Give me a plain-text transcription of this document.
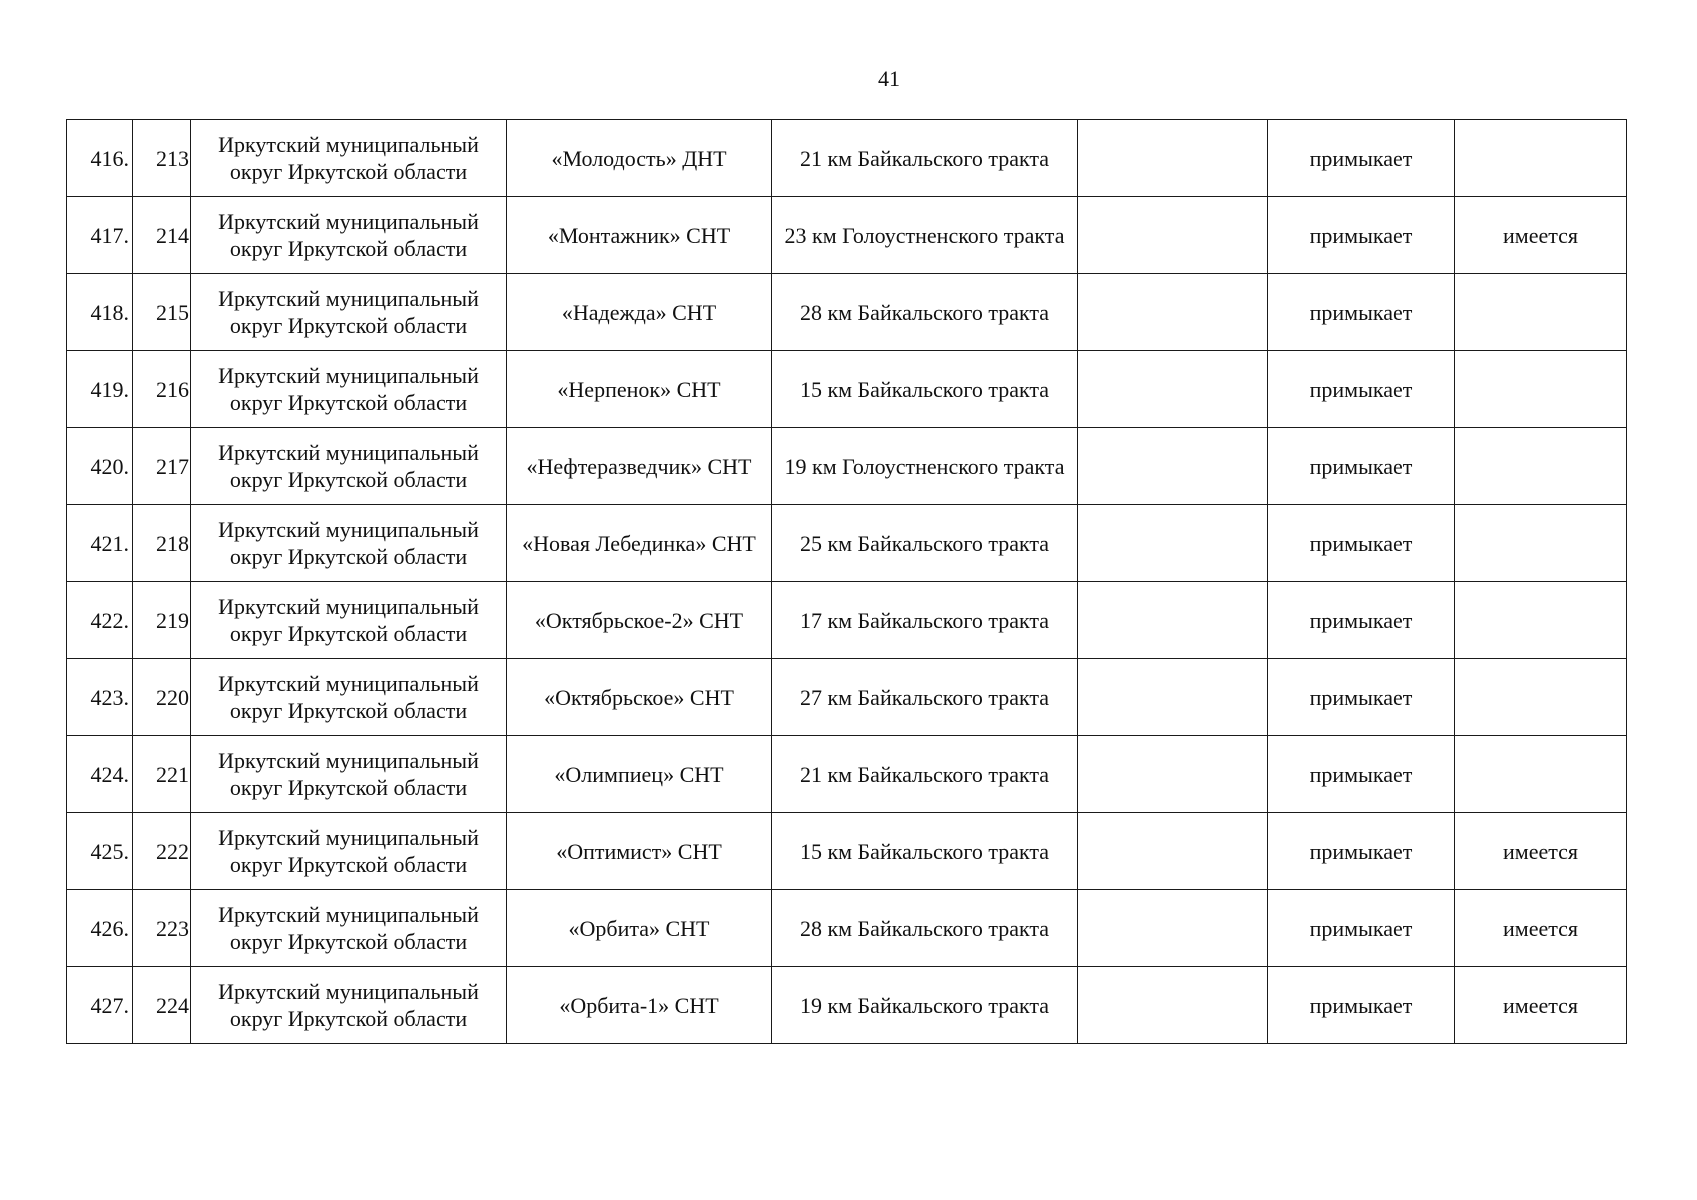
41
416.	213	Иркутский муниципальный округ Иркутской области	«Молодость» ДНТ	21 км Байкальского тракта		примыкает	
417.	214	Иркутский муниципальный округ Иркутской области	«Монтажник» СНТ	23 км Голоустненского тракта		примыкает	имеется
418.	215	Иркутский муниципальный округ Иркутской области	«Надежда» СНТ	28 км Байкальского тракта		примыкает	
419.	216	Иркутский муниципальный округ Иркутской области	«Нерпенок» СНТ	15 км Байкальского тракта		примыкает	
420.	217	Иркутский муниципальный округ Иркутской области	«Нефтеразведчик» СНТ	19 км Голоустненского тракта		примыкает	
421.	218	Иркутский муниципальный округ Иркутской области	«Новая Лебединка» СНТ	25 км Байкальского тракта		примыкает	
422.	219	Иркутский муниципальный округ Иркутской области	«Октябрьское-2» СНТ	17 км Байкальского тракта		примыкает	
423.	220	Иркутский муниципальный округ Иркутской области	«Октябрьское» СНТ	27 км Байкальского тракта		примыкает	
424.	221	Иркутский муниципальный округ Иркутской области	«Олимпиец» СНТ	21 км Байкальского тракта		примыкает	
425.	222	Иркутский муниципальный округ Иркутской области	«Оптимист» СНТ	15 км Байкальского тракта		примыкает	имеется
426.	223	Иркутский муниципальный округ Иркутской области	«Орбита» СНТ	28 км Байкальского тракта		примыкает	имеется
427.	224	Иркутский муниципальный округ Иркутской области	«Орбита-1» СНТ	19 км Байкальского тракта		примыкает	имеется
